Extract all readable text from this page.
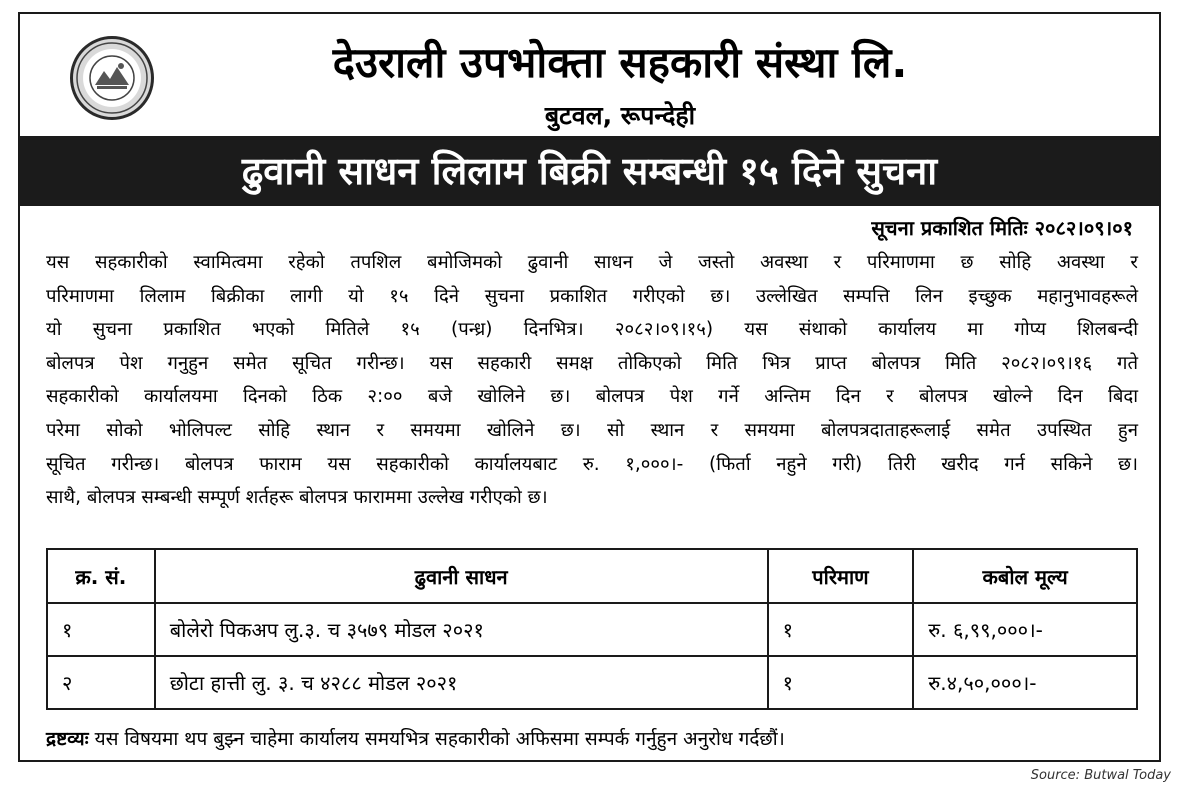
देउराली उपभोक्ता सहकारी संस्था लि.
बुटवल, रूपन्देही
ढुवानी साधन लिलाम बिक्री सम्बन्धी १५ दिने सुचना
सूचना प्रकाशित मितिः २०८२।०९।०१
यस सहकारीको स्वामित्वमा रहेको तपशिल बमोजिमको ढुवानी साधन जे जस्तो अवस्था र परिमाणमा छ सोहि अवस्था र
परिमाणमा लिलाम बिक्रीका लागी यो १५ दिने सुचना प्रकाशित गरीएको छ। उल्लेखित सम्पत्ति लिन इच्छुक महानुभावहरूले
यो सुचना प्रकाशित भएको मितिले १५ (पन्ध्र) दिनभित्र। २०८२।०९।१५) यस संथाको कार्यालय मा गोप्य शिलबन्दी
बोलपत्र पेश गनुहुन समेत सूचित गरीन्छ। यस सहकारी समक्ष तोकिएको मिति भित्र प्राप्त बोलपत्र मिति २०८२।०९।१६ गते
सहकारीको कार्यालयमा दिनको ठिक २:०० बजे खोलिने छ। बोलपत्र पेश गर्ने अन्तिम दिन र बोलपत्र खोल्ने दिन बिदा
परेमा सोको भोलिपल्ट सोहि स्थान र समयमा खोलिने छ। सो स्थान र समयमा बोलपत्रदाताहरूलाई समेत उपस्थित हुन
सूचित गरीन्छ। बोलपत्र फाराम यस सहकारीको कार्यालयबाट रु. १,०००।- (फिर्ता नहुने गरी) तिरी खरीद गर्न सकिने छ।
साथै, बोलपत्र सम्बन्धी सम्पूर्ण शर्तहरू बोलपत्र फाराममा उल्लेख गरीएको छ।
क्र. सं.	ढुवानी साधन	परिमाण	कबोल मूल्य
१	बोलेरो पिकअप लु.३. च ३५७९ मोडल २०२१	१	रु. ६,९९,०००।-
२	छोटा हात्ती लु. ३. च ४२८८ मोडल २०२१	१	रु.४,५०,०००।-
द्रष्टव्यः यस विषयमा थप बुझ्न चाहेमा कार्यालय समयभित्र सहकारीको अफिसमा सम्पर्क गर्नुहुन अनुरोध गर्दछौं।
Source: Butwal Today
